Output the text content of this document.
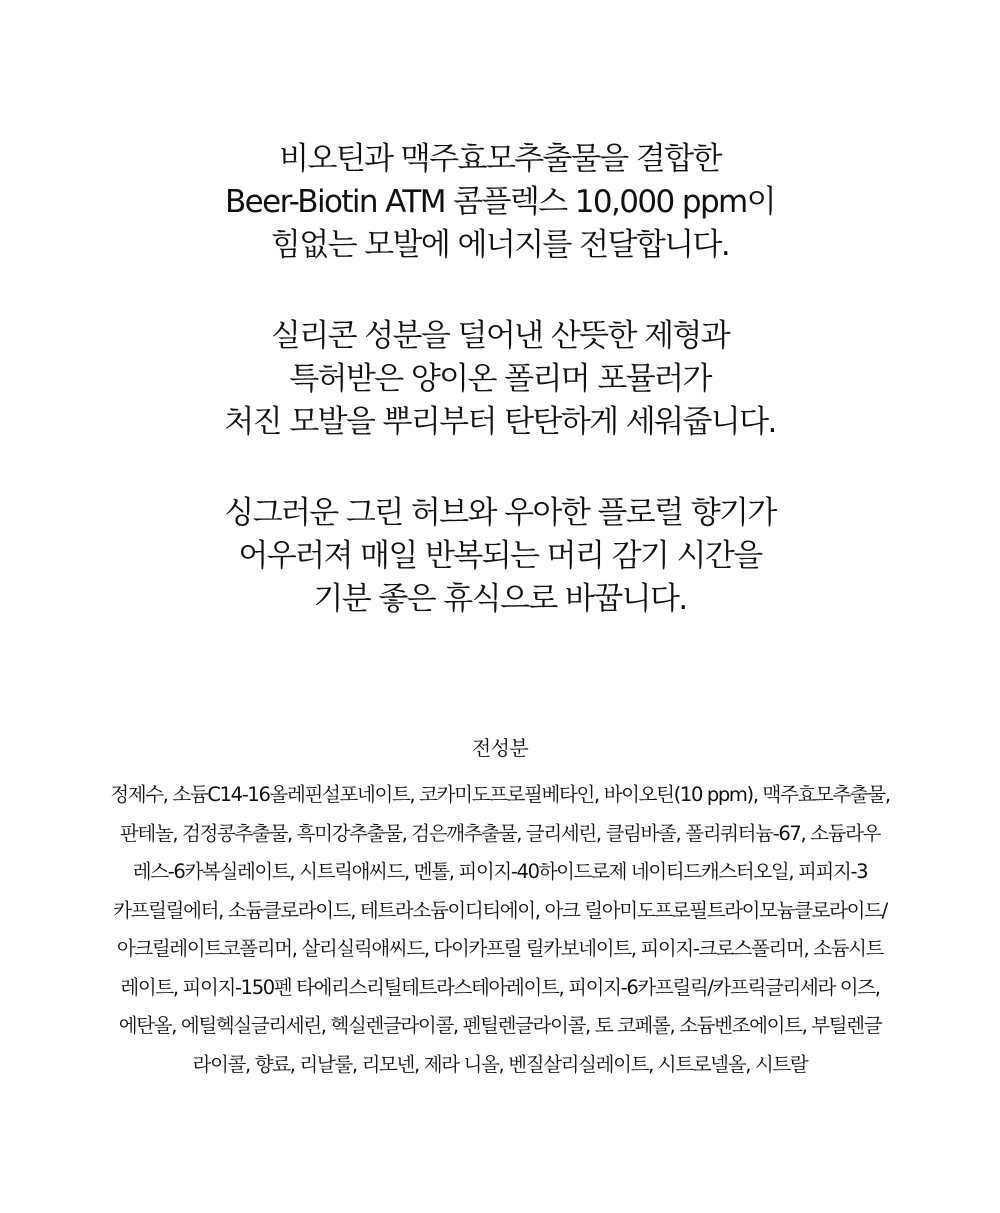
비오틴과 맥주효모추출물을 결합한
Beer-Biotin ATM 콤플렉스 10,000 ppm이
힘없는 모발에 에너지를 전달합니다.

실리콘 성분을 덜어낸 산뜻한 제형과
특허받은 양이온 폴리머 포뮬러가
처진 모발을 뿌리부터 탄탄하게 세워줍니다.

싱그러운 그린 허브와 우아한 플로럴 향기가
어우러져 매일 반복되는 머리 감기 시간을
기분 좋은 휴식으로 바꿉니다.

전성분
정제수, 소듐C14-16올레핀설포네이트, 코카미도프로필베타인, 바이오틴(10 ppm), 맥주효모추출물,
판테놀, 검정콩추출물, 흑미강추출물, 검은깨추출물, 글리세린, 클림바졸, 폴리쿼터늄-67, 소듐라우
레스-6카복실레이트, 시트릭애씨드, 멘톨, 피이지-40하이드로제 네이티드캐스터오일, 피피지-3
카프릴릴에터, 소듐클로라이드, 테트라소듐이디티에이, 아크 릴아미도프로필트라이모늄클로라이드/
아크릴레이트코폴리머, 살리실릭애씨드, 다이카프릴 릴카보네이트, 피이지-크로스폴리머, 소듐시트
레이트, 피이지-150펜 타에리스리틸테트라스테아레이트, 피이지-6카프릴릭/카프릭글리세라 이즈,
에탄올, 에틸헥실글리세린, 헥실렌글라이콜, 펜틸렌글라이콜, 토 코페롤, 소듐벤조에이트, 부틸렌글
라이콜, 향료, 리날룰, 리모넨, 제라 니올, 벤질살리실레이트, 시트로넬올, 시트랄
